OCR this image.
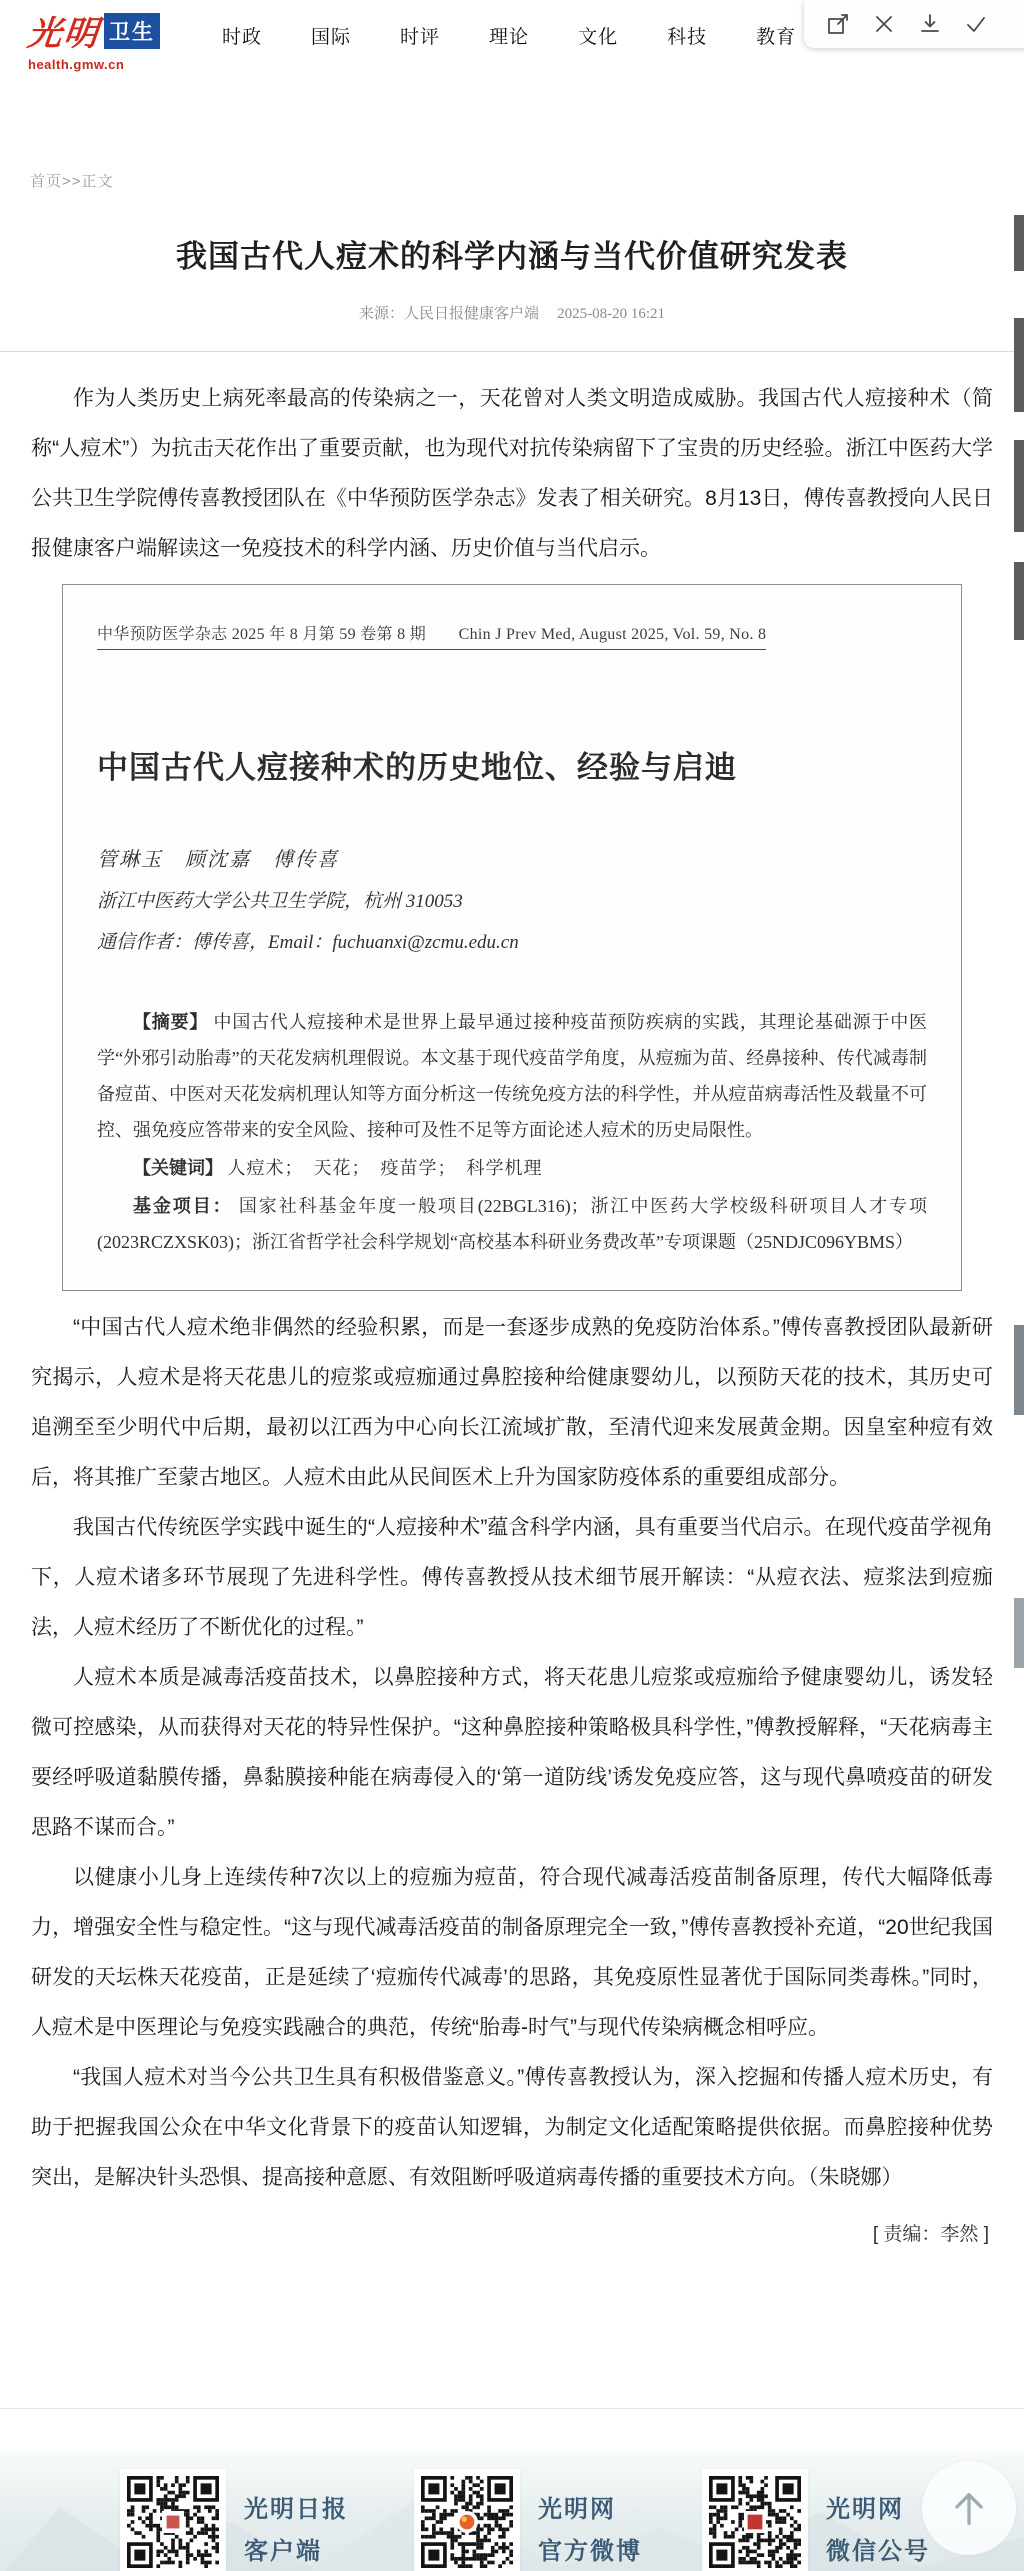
光明 卫生
health.gmw.cn
时政	国际	时评	理论	文化	科技	教育
首页>>正文
我国古代人痘术的科学内涵与当代价值研究发表
来源：人民日报健康客户端 2025-08-20 16:21

作为人类历史上病死率最高的传染病之一，天花曾对人类文明造成威胁。我国古代人痘接种术（简称“人痘术”）为抗击天花作出了重要贡献，也为现代对抗传染病留下了宝贵的历史经验。浙江中医药大学公共卫生学院傅传喜教授团队在《中华预防医学杂志》发表了相关研究。8月13日，傅传喜教授向人民日报健康客户端解读这一免疫技术的科学内涵、历史价值与当代启示。

中华预防医学杂志 2025 年 8 月第 59 卷第 8 期　　Chin J Prev Med, August 2025, Vol. 59, No. 8
中国古代人痘接种术的历史地位、经验与启迪
管琳玉　顾沈嘉　傅传喜
浙江中医药大学公共卫生学院，杭州 310053
通信作者：傅传喜，Email：fuchuanxi@zcmu.edu.cn
【摘要】 中国古代人痘接种术是世界上最早通过接种疫苗预防疾病的实践，其理论基础源于中医学“外邪引动胎毒”的天花发病机理假说。本文基于现代疫苗学角度，从痘痂为苗、经鼻接种、传代减毒制备痘苗、中医对天花发病机理认知等方面分析这一传统免疫方法的科学性，并从痘苗病毒活性及载量不可控、强免疫应答带来的安全风险、接种可及性不足等方面论述人痘术的历史局限性。
【关键词】 人痘术；　天花；　疫苗学；　科学机理
基金项目： 国家社科基金年度一般项目(22BGL316)；浙江中医药大学校级科研项目人才专项(2023RCZXSK03)；浙江省哲学社会科学规划“高校基本科研业务费改革”专项课题（25NDJC096YBMS）

“中国古代人痘术绝非偶然的经验积累，而是一套逐步成熟的免疫防治体系。”傅传喜教授团队最新研究揭示，人痘术是将天花患儿的痘浆或痘痂通过鼻腔接种给健康婴幼儿，以预防天花的技术，其历史可追溯至至少明代中后期，最初以江西为中心向长江流域扩散，至清代迎来发展黄金期。因皇室种痘有效后，将其推广至蒙古地区。人痘术由此从民间医术上升为国家防疫体系的重要组成部分。

我国古代传统医学实践中诞生的“人痘接种术”蕴含科学内涵，具有重要当代启示。在现代疫苗学视角下，人痘术诸多环节展现了先进科学性。傅传喜教授从技术细节展开解读：“从痘衣法、痘浆法到痘痂法，人痘术经历了不断优化的过程。”

人痘术本质是减毒活疫苗技术，以鼻腔接种方式，将天花患儿痘浆或痘痂给予健康婴幼儿，诱发轻微可控感染，从而获得对天花的特异性保护。“这种鼻腔接种策略极具科学性，”傅教授解释，“天花病毒主要经呼吸道黏膜传播，鼻黏膜接种能在病毒侵入的‘第一道防线’诱发免疫应答，这与现代鼻喷疫苗的研发思路不谋而合。”

以健康小儿身上连续传种7次以上的痘痂为痘苗，符合现代减毒活疫苗制备原理，传代大幅降低毒力，增强安全性与稳定性。“这与现代减毒活疫苗的制备原理完全一致，”傅传喜教授补充道，“20世纪我国研发的天坛株天花疫苗，正是延续了‘痘痂传代减毒’的思路，其免疫原性显著优于国际同类毒株。”同时，人痘术是中医理论与免疫实践融合的典范，传统“胎毒-时气”与现代传染病概念相呼应。

“我国人痘术对当今公共卫生具有积极借鉴意义。”傅传喜教授认为，深入挖掘和传播人痘术历史，有助于把握我国公众在中华文化背景下的疫苗认知逻辑，为制定文化适配策略提供依据。而鼻腔接种优势突出，是解决针头恐惧、提高接种意愿、有效阻断呼吸道病毒传播的重要技术方向。（朱晓娜）

[ 责编：李然 ]
光明日报
客户端
光明网
官方微博
光明网
微信公号
